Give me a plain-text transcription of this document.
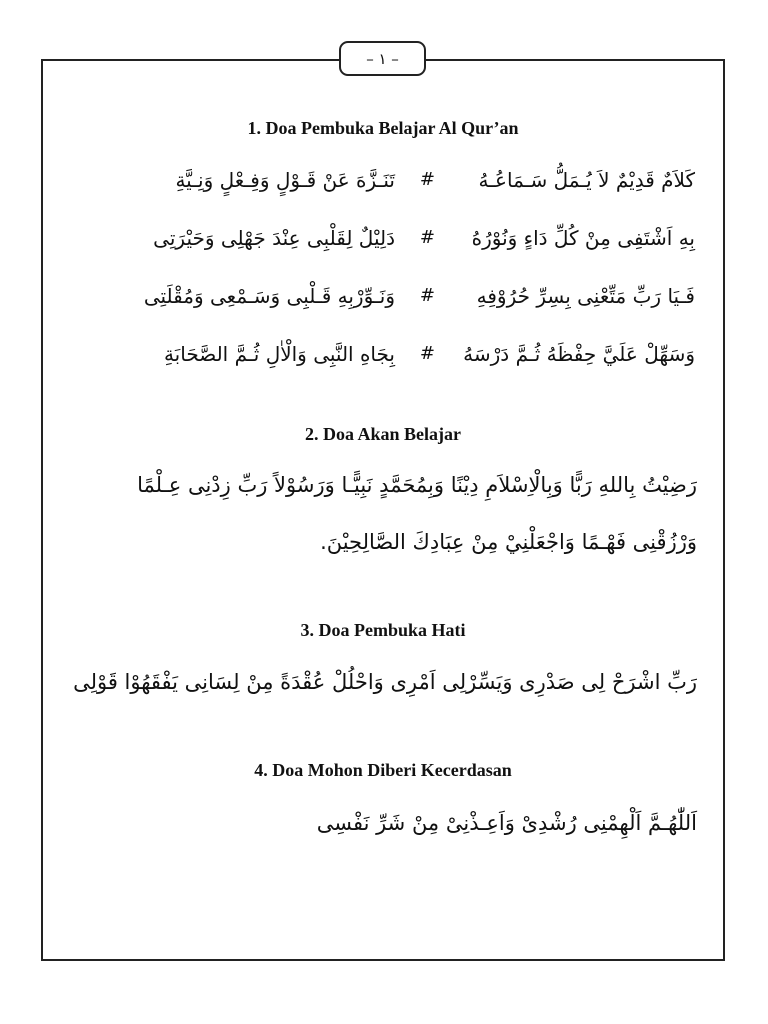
– ١ –
1. Doa Pembuka Belajar Al Qur’an
كَلاَمٌ قَدِيْمٌ لاَ يُـمَلُّ سَـمَاعُـهُ
#
تَنَـزَّهَ عَنْ قَـوْلٍ وَفِـعْلٍ وَنِـيَّةِ
بِهِ اَشْتَفِى مِنْ كُلِّ دَاءٍ وَنُوْرُهُ
#
دَلِيْلٌ لِقَلْبِى عِنْدَ جَهْلِى وَحَيْرَتِى
فَـيَا رَبِّ مَتِّعْنِى بِسِرِّ حُرُوْفِهِ
#
وَنَـوِّرْبِهِ قَـلْبِى وَسَـمْعِى وَمُقْلَتِى
وَسَهِّلْ عَلَيَّ حِفْظَهُ ثُـمَّ دَرْسَهُ
#
بِجَاهِ النَّبِى وَالْاٰلِ ثُـمَّ الصَّحَابَةِ
2. Doa Akan Belajar
رَضِيْتُ بِاللهِ رَبًّا وَبِالْاِسْلاَمِ دِيْنًا وَبِمُحَمَّدٍ نَبِيًّـا وَرَسُوْلاً رَبِّ زِدْنِى عِـلْمًا
وَرْزُقْنِى فَهْـمًا وَاجْعَلْنِيْ مِنْ عِبَادِكَ الصَّالِحِيْنَ.
3. Doa Pembuka Hati
رَبِّ اشْرَحْ لِى صَدْرِى وَيَسِّرْلِى اَمْرِى وَاحْلُلْ عُقْدَةً مِنْ لِسَانِى يَفْقَهُوْا قَوْلِى
4. Doa Mohon Diberi Kecerdasan
اَللّٰهُـمَّ اَلْهِمْنِى رُشْدِىْ وَاَعِـذْنِىْ مِنْ شَرِّ نَفْسِى
